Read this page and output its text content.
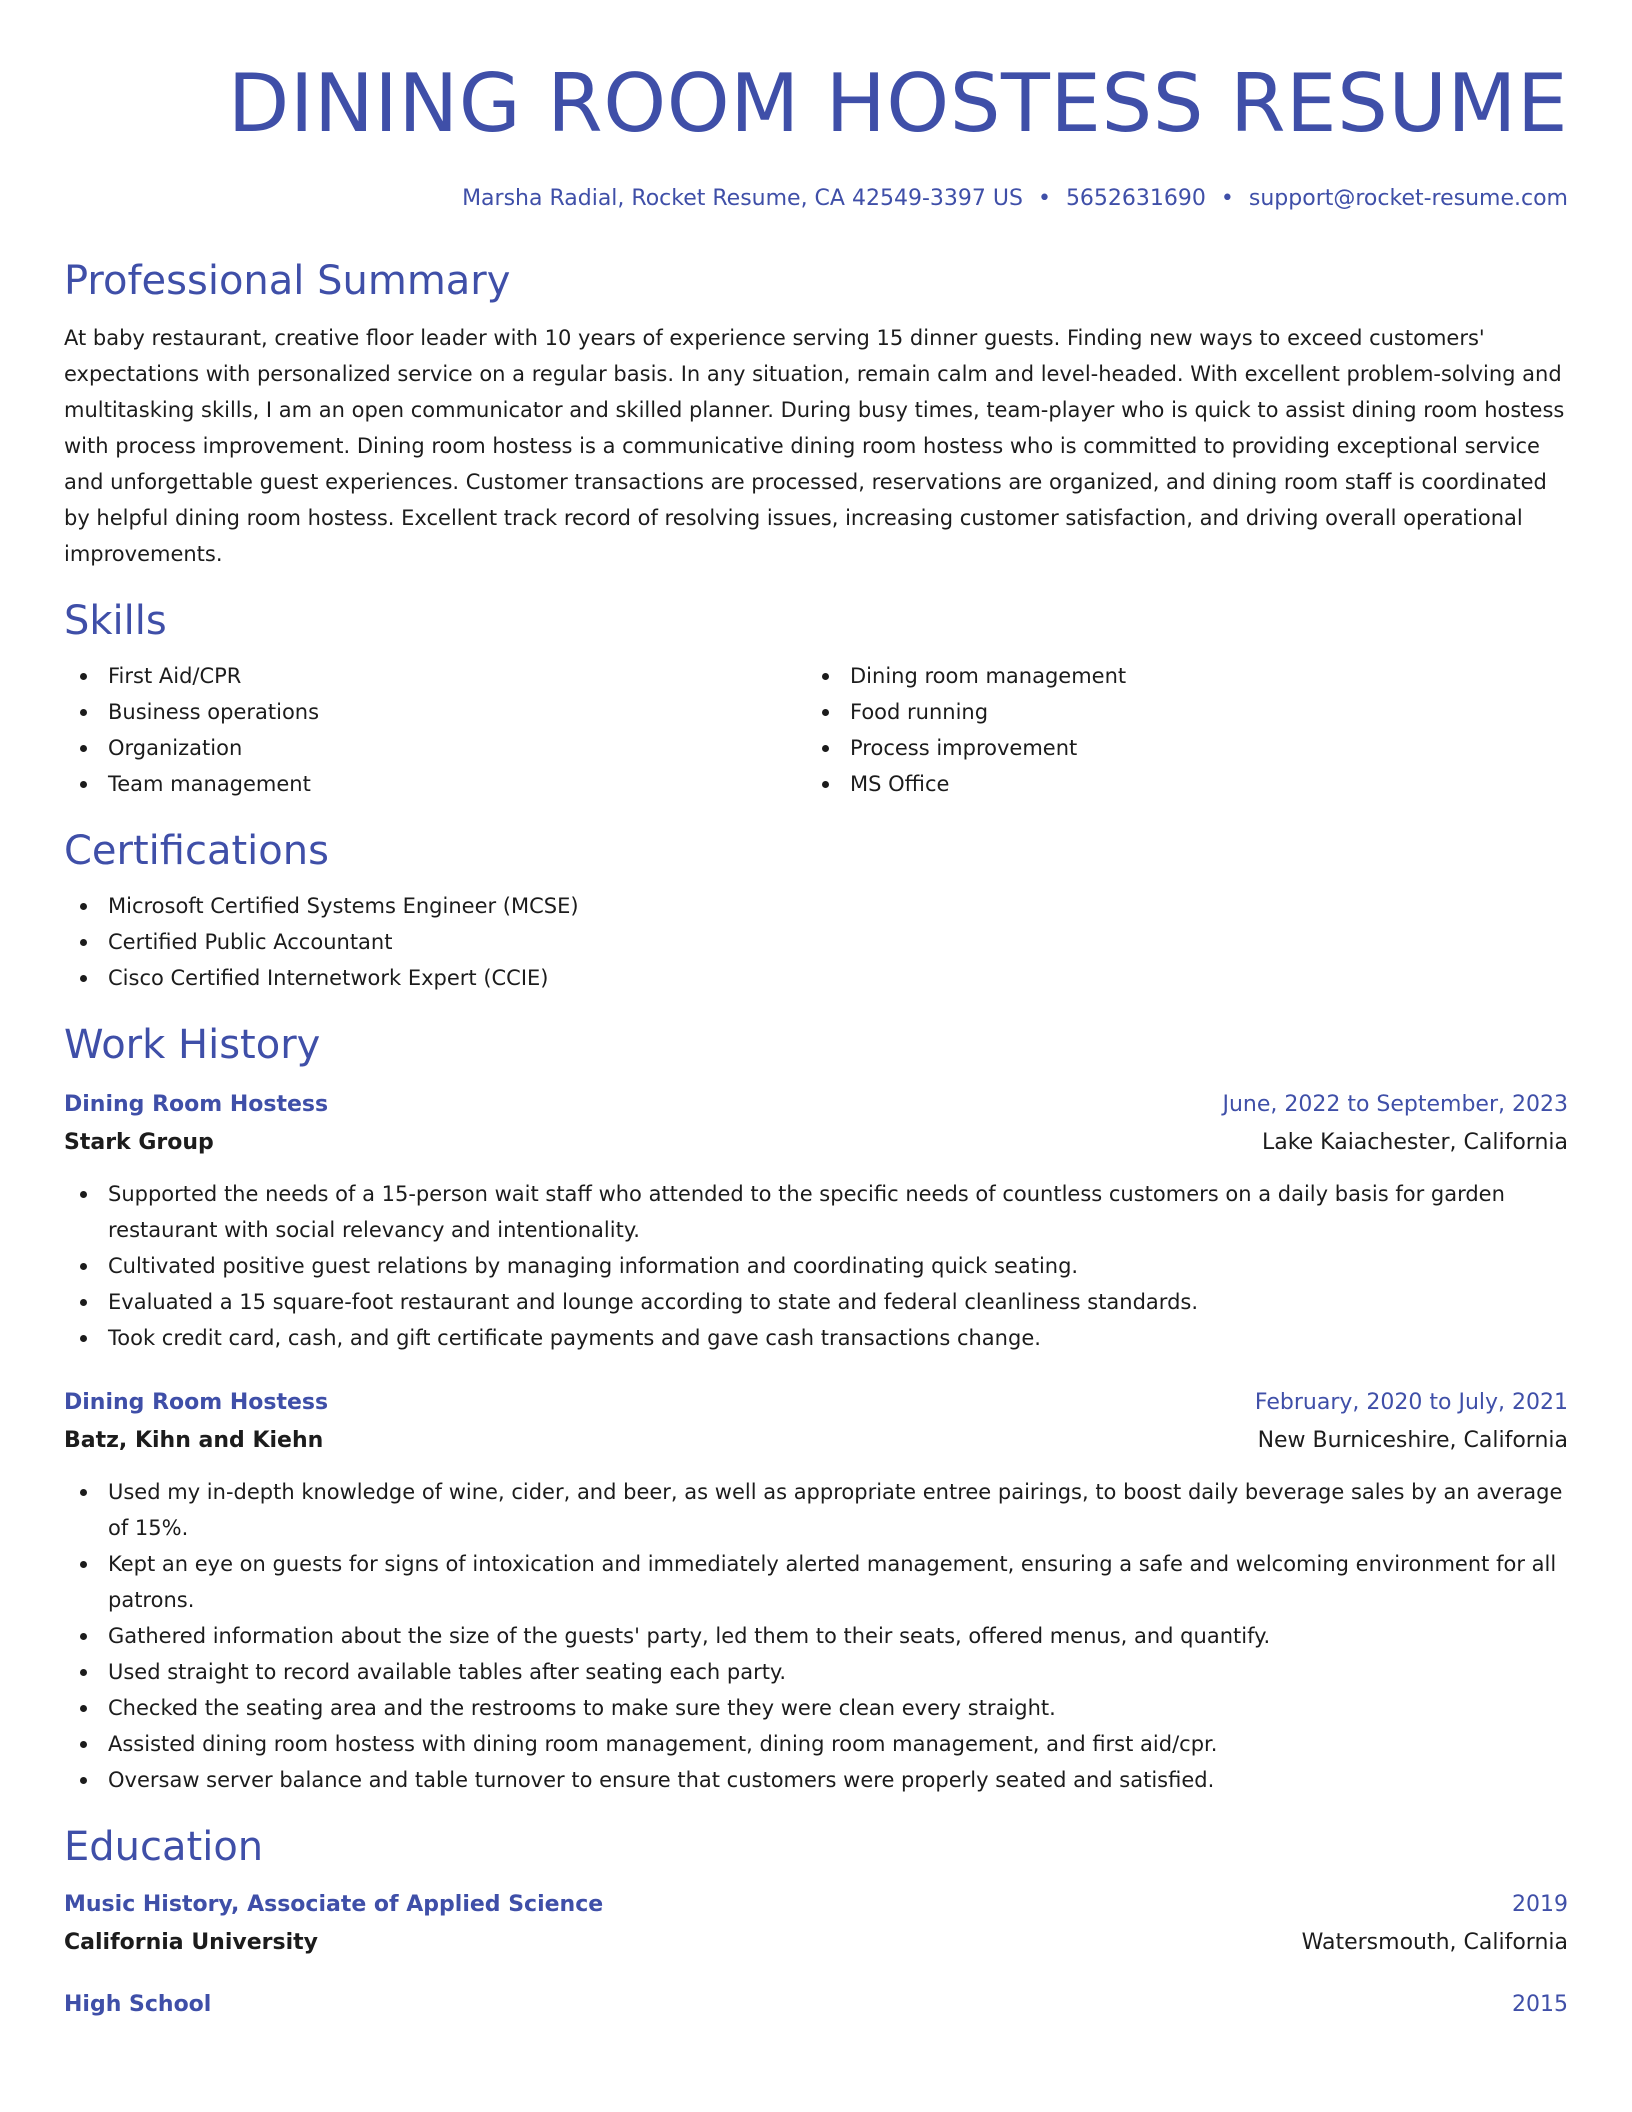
DINING ROOM HOSTESS RESUME
Marsha Radial, Rocket Resume, CA 42549-3397 US • 5652631690 • support@rocket-resume.com
Professional Summary

At baby restaurant, creative floor leader with 10 years of experience serving 15 dinner guests. Finding new ways to exceed customers' expectations with personalized service on a regular basis. In any situation, remain calm and level-headed. With excellent problem-solving and multitasking skills, I am an open communicator and skilled planner. During busy times, team-player who is quick to assist dining room hostess with process improvement. Dining room hostess is a communicative dining room hostess who is committed to providing exceptional service and unforgettable guest experiences. Customer transactions are processed, reservations are organized, and dining room staff is coordinated by helpful dining room hostess. Excellent track record of resolving issues, increasing customer satisfaction, and driving overall operational improvements.

Skills
First Aid/CPR
Business operations
Organization
Team management
Dining room management
Food running
Process improvement
MS Office
Certifications
Microsoft Certified Systems Engineer (MCSE)
Certified Public Accountant
Cisco Certified Internetwork Expert (CCIE)
Work History
Dining Room Hostess	June, 2022 to September, 2023
Stark Group	Lake Kaiachester, California
Supported the needs of a 15-person wait staff who attended to the specific needs of countless customers on a daily basis for garden restaurant with social relevancy and intentionality.
Cultivated positive guest relations by managing information and coordinating quick seating.
Evaluated a 15 square-foot restaurant and lounge according to state and federal cleanliness standards.
Took credit card, cash, and gift certificate payments and gave cash transactions change.
Dining Room Hostess	February, 2020 to July, 2021
Batz, Kihn and Kiehn	New Burniceshire, California
Used my in-depth knowledge of wine, cider, and beer, as well as appropriate entree pairings, to boost daily beverage sales by an average of 15%.
Kept an eye on guests for signs of intoxication and immediately alerted management, ensuring a safe and welcoming environment for all patrons.
Gathered information about the size of the guests' party, led them to their seats, offered menus, and quantify.
Used straight to record available tables after seating each party.
Checked the seating area and the restrooms to make sure they were clean every straight.
Assisted dining room hostess with dining room management, dining room management, and first aid/cpr.
Oversaw server balance and table turnover to ensure that customers were properly seated and satisfied.
Education
Music History, Associate of Applied Science	2019
California University	Watersmouth, California
High School	2015
